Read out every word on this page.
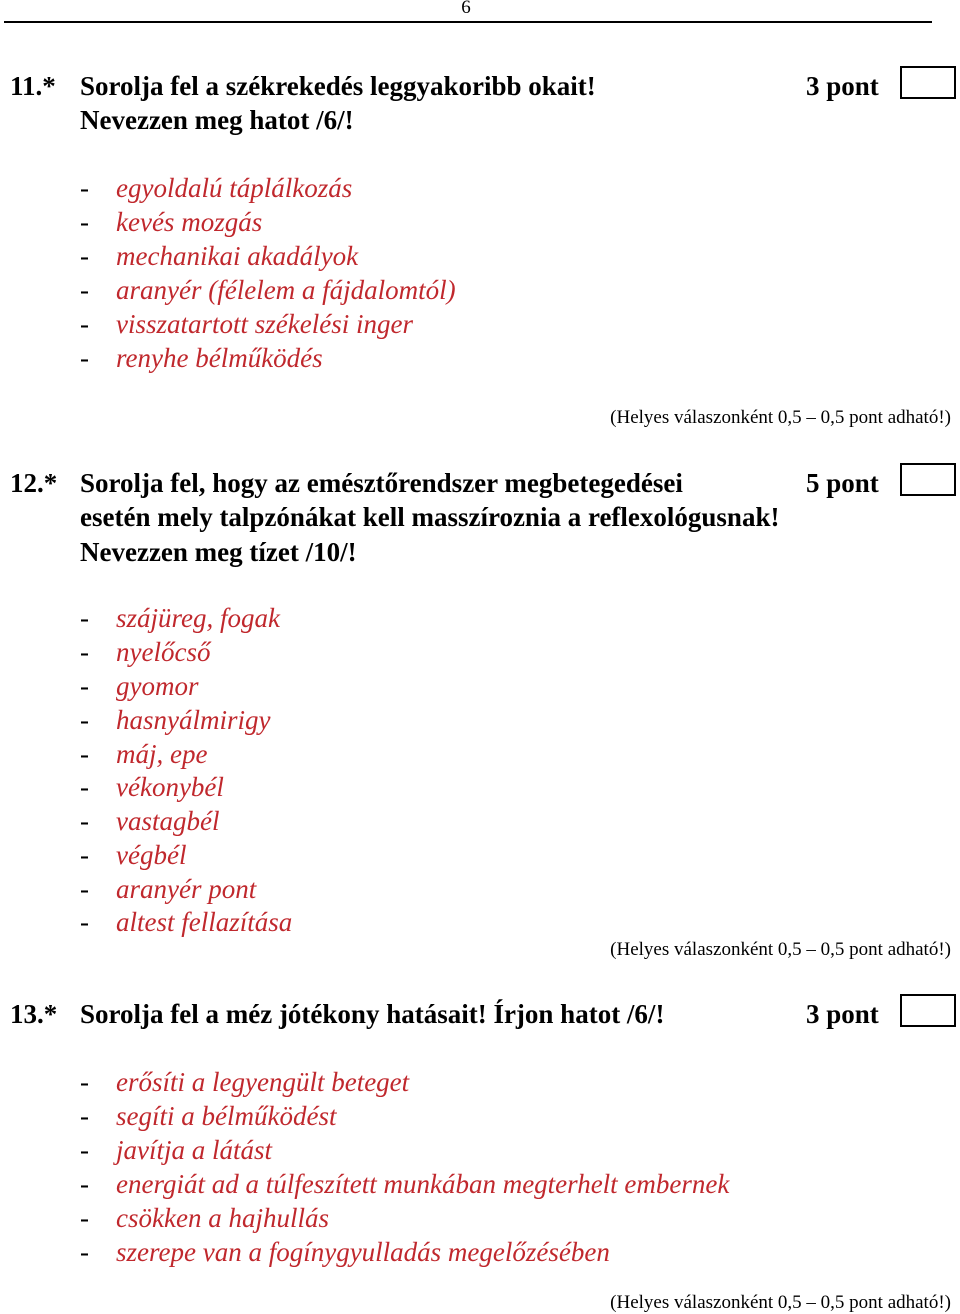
6
11.* Sorolja fel a székrekedés leggyakoribb okait!
Nevezzen meg hatot /6/!
3 pont
- egyoldalú táplálkozás
- kevés mozgás
- mechanikai akadályok
- aranyér (félelem a fájdalomtól)
- visszatartott székelési inger
- renyhe bélműködés
(Helyes válaszonként 0,5 – 0,5 pont adható!)
12.* Sorolja fel, hogy az emésztőrendszer megbetegedései
esetén mely talpzónákat kell masszíroznia a reflexológusnak!
Nevezzen meg tízet /10/!
5 pont
- szájüreg, fogak
- nyelőcső
- gyomor
- hasnyálmirigy
- máj, epe
- vékonybél
- vastagbél
- végbél
- aranyér pont
- altest fellazítása
(Helyes válaszonként 0,5 – 0,5 pont adható!)
13.* Sorolja fel a méz jótékony hatásait! Írjon hatot /6/!	3 pont
- erősíti a legyengült beteget
- segíti a bélműködést
- javítja a látást
- energiát ad a túlfeszített munkában megterhelt embernek
- csökken a hajhullás
- szerepe van a fogínygyulladás megelőzésében
(Helyes válaszonként 0,5 – 0,5 pont adható!)
